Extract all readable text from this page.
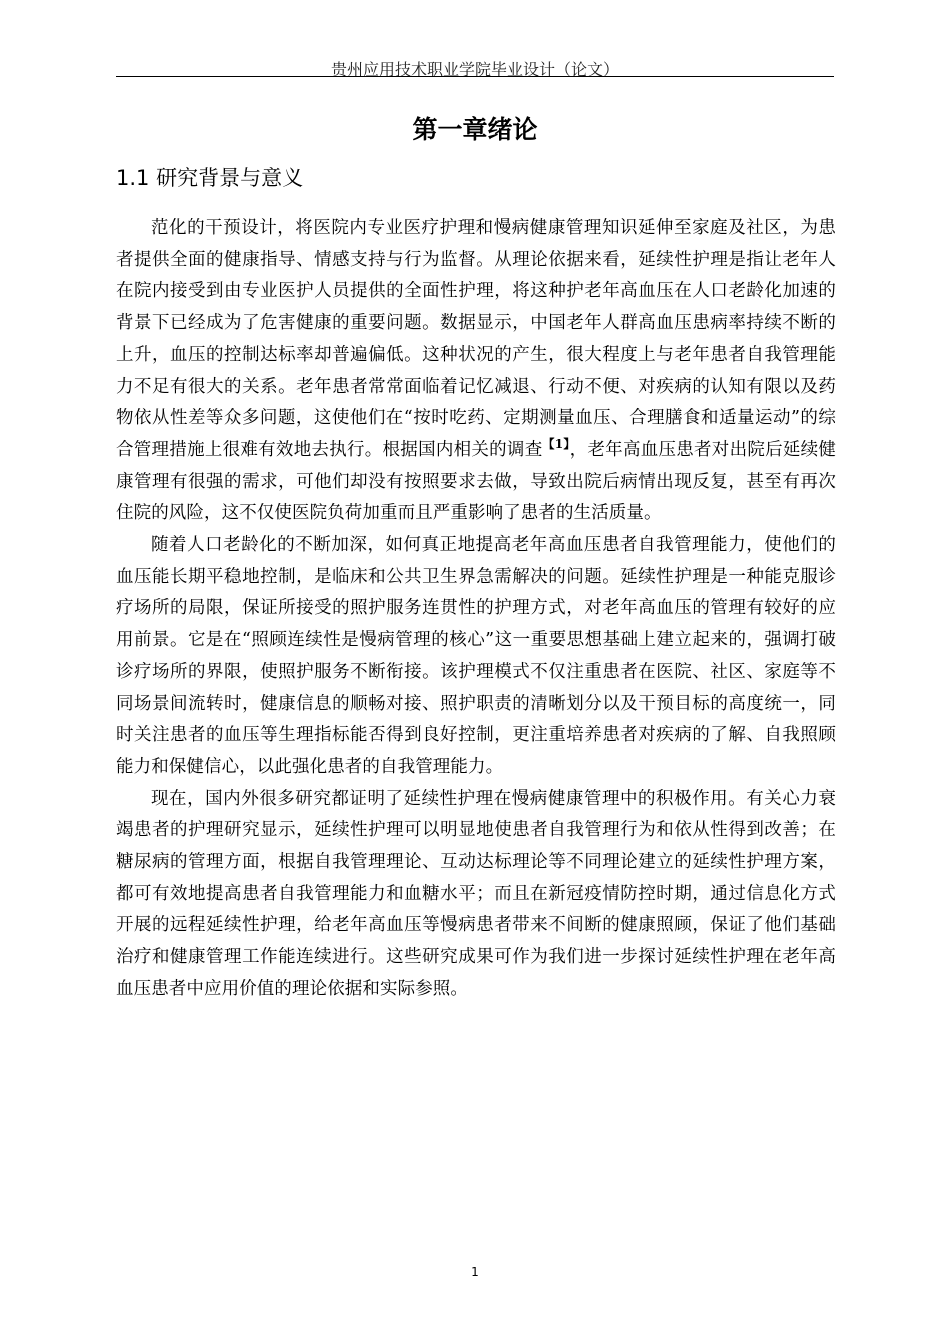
贵州应用技术职业学院毕业设计（论文）
第一章绪论
1.1 研究背景与意义

范化的干预设计，将医院内专业医疗护理和慢病健康管理知识延伸至家庭及社区，为患者提供全面的健康指导、情感支持与行为监督。从理论依据来看，延续性护理是指让老年人在院内接受到由专业医护人员提供的全面性护理，将这种护老年高血压在人口老龄化加速的背景下已经成为了危害健康的重要问题。数据显示，中国老年人群高血压患病率持续不断的上升，血压的控制达标率却普遍偏低。这种状况的产生，很大程度上与老年患者自我管理能力不足有很大的关系。老年患者常常面临着记忆减退、行动不便、对疾病的认知有限以及药物依从性差等众多问题，这使他们在“按时吃药、定期测量血压、合理膳食和适量运动”的综合管理措施上很难有效地去执行。根据国内相关的调查$^{【1】}$，老年高血压患者对出院后延续健康管理有很强的需求，可他们却没有按照要求去做，导致出院后病情出现反复，甚至有再次住院的风险，这不仅使医院负荷加重而且严重影响了患者的生活质量。

随着人口老龄化的不断加深，如何真正地提高老年高血压患者自我管理能力，使他们的血压能长期平稳地控制，是临床和公共卫生界急需解决的问题。延续性护理是一种能克服诊疗场所的局限，保证所接受的照护服务连贯性的护理方式，对老年高血压的管理有较好的应用前景。它是在“照顾连续性是慢病管理的核心”这一重要思想基础上建立起来的，强调打破诊疗场所的界限，使照护服务不断衔接。该护理模式不仅注重患者在医院、社区、家庭等不同场景间流转时，健康信息的顺畅对接、照护职责的清晰划分以及干预目标的高度统一，同时关注患者的血压等生理指标能否得到良好控制，更注重培养患者对疾病的了解、自我照顾能力和保健信心，以此强化患者的自我管理能力。

现在，国内外很多研究都证明了延续性护理在慢病健康管理中的积极作用。有关心力衰竭患者的护理研究显示，延续性护理可以明显地使患者自我管理行为和依从性得到改善；在糖尿病的管理方面，根据自我管理理论、互动达标理论等不同理论建立的延续性护理方案，都可有效地提高患者自我管理能力和血糖水平；而且在新冠疫情防控时期，通过信息化方式开展的远程延续性护理，给老年高血压等慢病患者带来不间断的健康照顾，保证了他们基础治疗和健康管理工作能连续进行。这些研究成果可作为我们进一步探讨延续性护理在老年高血压患者中应用价值的理论依据和实际参照。

1
